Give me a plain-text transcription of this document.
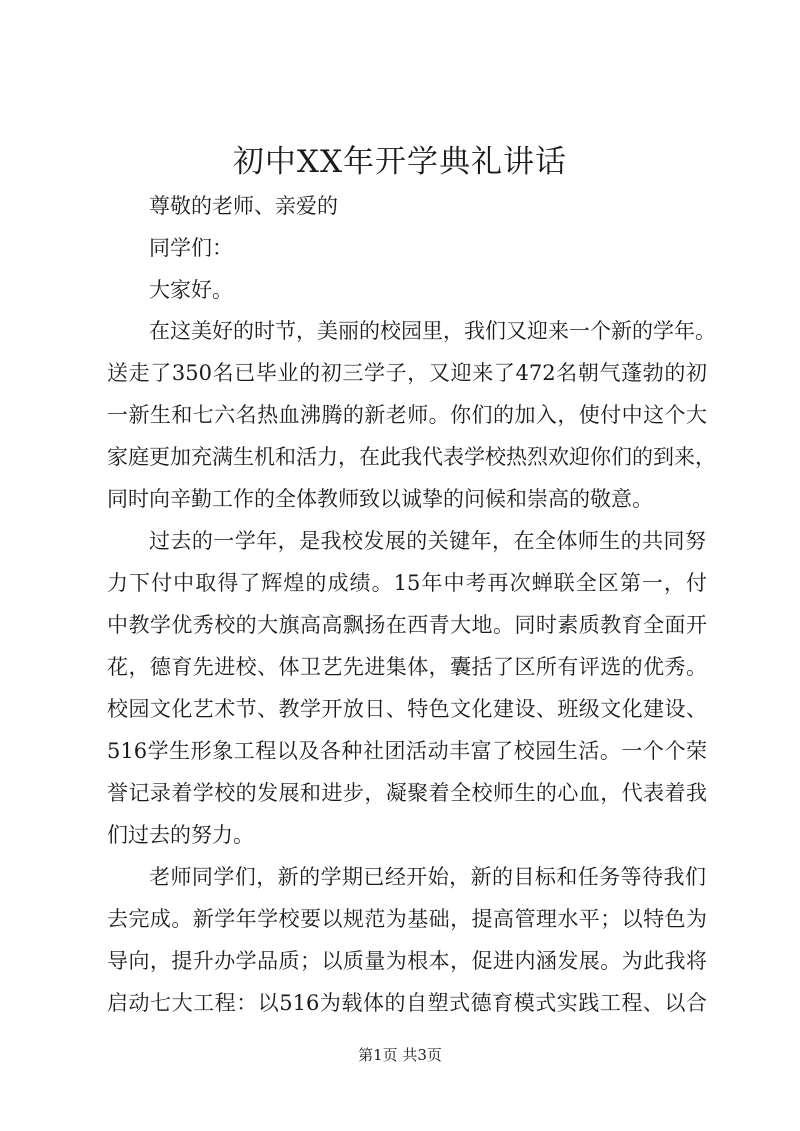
初中XX年开学典礼讲话
尊敬的老师、亲爱的
同学们：
大家好。
在这美好的时节，美丽的校园里，我们又迎来一个新的学年。
送走了350名已毕业的初三学子，又迎来了472名朝气蓬勃的初
一新生和七六名热血沸腾的新老师。你们的加入，使付中这个大
家庭更加充满生机和活力，在此我代表学校热烈欢迎你们的到来，
同时向辛勤工作的全体教师致以诚挚的问候和崇高的敬意。
过去的一学年，是我校发展的关键年，在全体师生的共同努
力下付中取得了辉煌的成绩。15年中考再次蝉联全区第一，付
中教学优秀校的大旗高高飘扬在西青大地。同时素质教育全面开
花，德育先进校、体卫艺先进集体，囊括了区所有评选的优秀。
校园文化艺术节、教学开放日、特色文化建设、班级文化建设、
516学生形象工程以及各种社团活动丰富了校园生活。一个个荣
誉记录着学校的发展和进步，凝聚着全校师生的心血，代表着我
们过去的努力。
老师同学们，新的学期已经开始，新的目标和任务等待我们
去完成。新学年学校要以规范为基础，提高管理水平；以特色为
导向，提升办学品质；以质量为根本，促进内涵发展。为此我将
启动七大工程：以516为载体的自塑式德育模式实践工程、以合
第1页 共3页
